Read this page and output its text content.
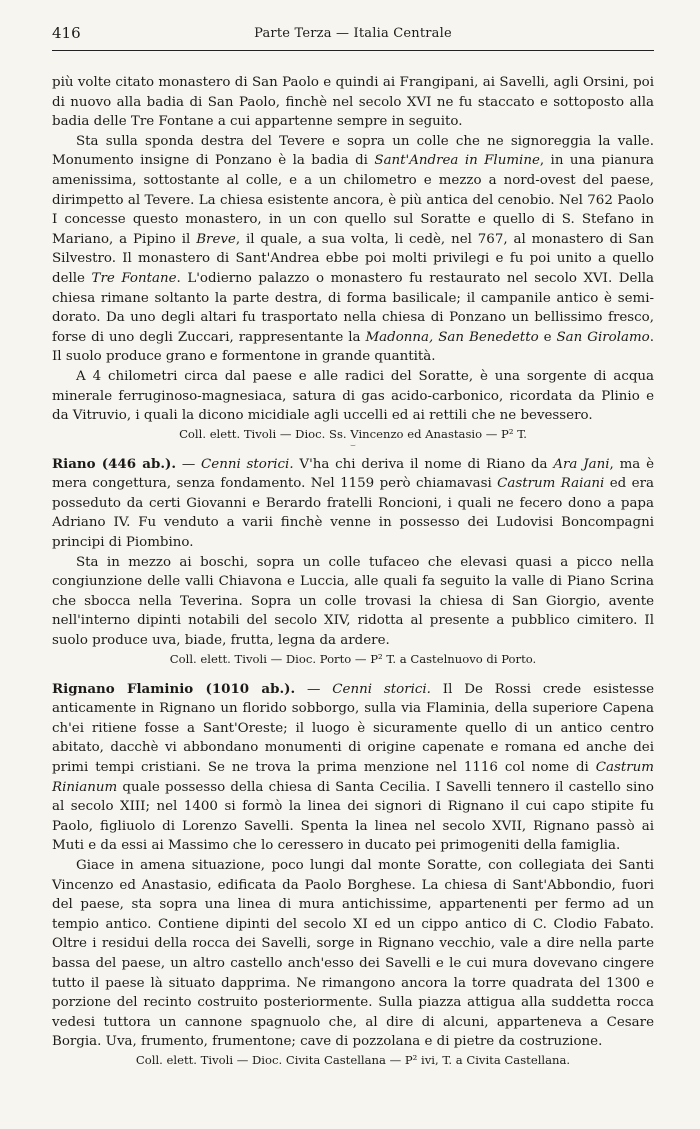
416	Parte Terza — Italia Centrale

più volte citato monastero di San Paolo e quindi ai Frangipani, ai Savelli, agli Orsini, poi di nuovo alla badia di San Paolo, finchè nel secolo XVI ne fu staccato e sottoposto alla badia delle Tre Fontane a cui appartenne sempre in seguito.

Sta sulla sponda destra del Tevere e sopra un colle che ne signoreggia la valle. Monumento insigne di Ponzano è la badia di Sant'Andrea in Flumine, in una pianura amenissima, sottostante al colle, e a un chilometro e mezzo a nord-ovest del paese, dirimpetto al Tevere. La chiesa esistente ancora, è più antica del cenobio. Nel 762 Paolo I concesse questo monastero, in un con quello sul Soratte e quello di S. Stefano in Mariano, a Pipino il Breve, il quale, a sua volta, li cedè, nel 767, al monastero di San Silvestro. Il monastero di Sant'Andrea ebbe poi molti privilegi e fu poi unito a quello delle Tre Fontane. L'odierno palazzo o monastero fu restaurato nel secolo XVI. Della chiesa rimane soltanto la parte destra, di forma basilicale; il campanile antico è semi-dorato. Da uno degli altari fu trasportato nella chiesa di Ponzano un bellissimo fresco, forse di uno degli Zuccari, rappresentante la Madonna, San Benedetto e San Girolamo. Il suolo produce grano e formentone in grande quantità.

A 4 chilometri circa dal paese e alle radici del Soratte, è una sorgente di acqua minerale ferruginoso-magnesiaca, satura di gas acido-carbonico, ricordata da Plinio e da Vitruvio, i quali la dicono micidiale agli uccelli ed ai rettili che ne bevessero.

Coll. elett. Tivoli — Dioc. Ss. Vincenzo ed Anastasio — P² T.

⌣

Riano (446 ab.). — Cenni storici. V'ha chi deriva il nome di Riano da Ara Jani, ma è mera congettura, senza fondamento. Nel 1159 però chiamavasi Castrum Raiani ed era posseduto da certi Giovanni e Berardo fratelli Roncioni, i quali ne fecero dono a papa Adriano IV. Fu venduto a varii finchè venne in possesso dei Ludovisi Boncompagni principi di Piombino.

Sta in mezzo ai boschi, sopra un colle tufaceo che elevasi quasi a picco nella congiunzione delle valli Chiavona e Luccia, alle quali fa seguito la valle di Piano Scrina che sbocca nella Teverina. Sopra un colle trovasi la chiesa di San Giorgio, avente nell'interno dipinti notabili del secolo XIV, ridotta al presente a pubblico cimitero. Il suolo produce uva, biade, frutta, legna da ardere.

Coll. elett. Tivoli — Dioc. Porto — P² T. a Castelnuovo di Porto.

Rignano Flaminio (1010 ab.). — Cenni storici. Il De Rossi crede esistesse anticamente in Rignano un florido sobborgo, sulla via Flaminia, della superiore Capena ch'ei ritiene fosse a Sant'Oreste; il luogo è sicuramente quello di un antico centro abitato, dacchè vi abbondano monumenti di origine capenate e romana ed anche dei primi tempi cristiani. Se ne trova la prima menzione nel 1116 col nome di Castrum Rinianum quale possesso della chiesa di Santa Cecilia. I Savelli tennero il castello sino al secolo XIII; nel 1400 si formò la linea dei signori di Rignano il cui capo stipite fu Paolo, figliuolo di Lorenzo Savelli. Spenta la linea nel secolo XVII, Rignano passò ai Muti e da essi ai Massimo che lo ceressero in ducato pei primogeniti della famiglia.

Giace in amena situazione, poco lungi dal monte Soratte, con collegiata dei Santi Vincenzo ed Anastasio, edificata da Paolo Borghese. La chiesa di Sant'Abbondio, fuori del paese, sta sopra una linea di mura antichissime, appartenenti per fermo ad un tempio antico. Contiene dipinti del secolo XI ed un cippo antico di C. Clodio Fabato. Oltre i residui della rocca dei Savelli, sorge in Rignano vecchio, vale a dire nella parte bassa del paese, un altro castello anch'esso dei Savelli e le cui mura dovevano cingere tutto il paese là situato dapprima. Ne rimangono ancora la torre quadrata del 1300 e porzione del recinto costruito posteriormente. Sulla piazza attigua alla suddetta rocca vedesi tuttora un cannone spagnuolo che, al dire di alcuni, apparteneva a Cesare Borgia. Uva, frumento, frumentone; cave di pozzolana e di pietre da costruzione.

Coll. elett. Tivoli — Dioc. Civita Castellana — P² ivi, T. a Civita Castellana.
